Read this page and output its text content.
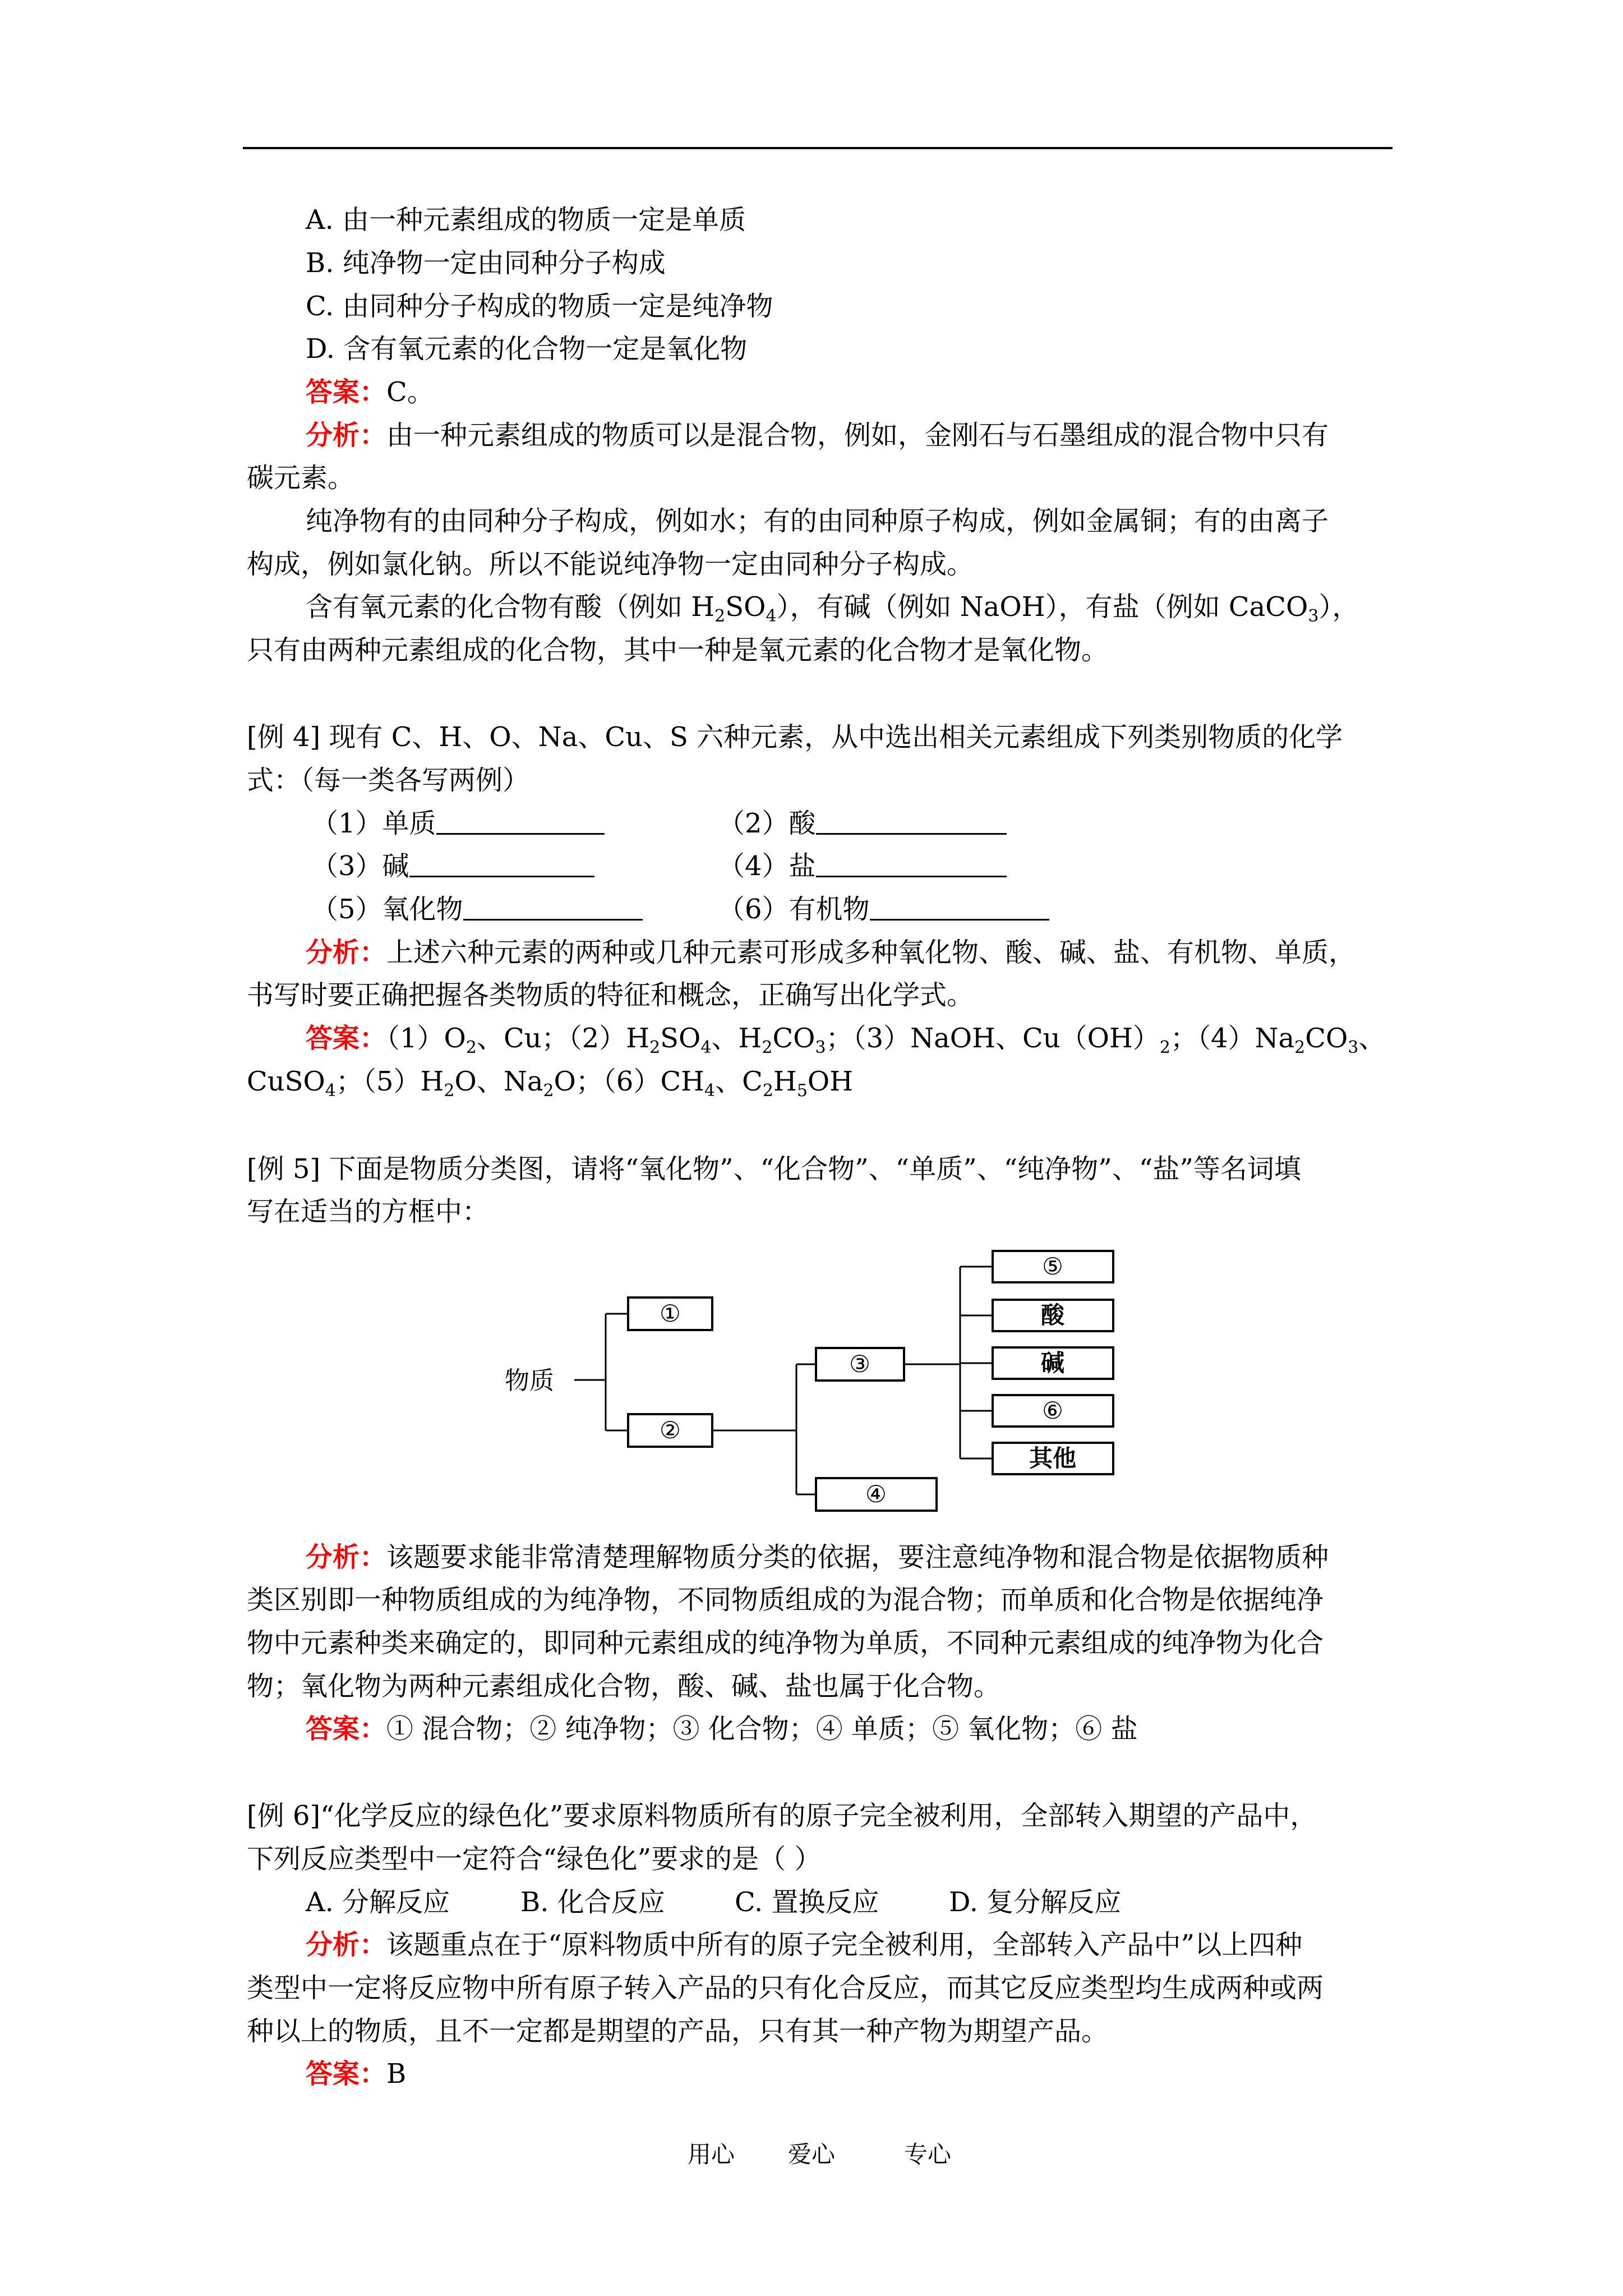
A. 由一种元素组成的物质一定是单质
B. 纯净物一定由同种分子构成
C. 由同种分子构成的物质一定是纯净物
D. 含有氧元素的化合物一定是氧化物
答案：C。
分析：由一种元素组成的物质可以是混合物，例如，金刚石与石墨组成的混合物中只有
碳元素。
纯净物有的由同种分子构成，例如水；有的由同种原子构成，例如金属铜；有的由离子
构成，例如氯化钠。所以不能说纯净物一定由同种分子构成。
含有氧元素的化合物有酸（例如 $H_2SO_4$），有碱（例如 NaOH），有盐（例如 CaCO$_3$），
只有由两种元素组成的化合物，其中一种是氧元素的化合物才是氧化物。
[例 4] 现有 C、H、O、Na、Cu、S 六种元素，从中选出相关元素组成下列类别物质的化学
式：（每一类各写两例）
（1）单质	（2）酸
（3）碱	（4）盐
（5）氧化物	（6）有机物
分析：上述六种元素的两种或几种元素可形成多种氧化物、酸、碱、盐、有机物、单质，
书写时要正确把握各类物质的特征和概念，正确写出化学式。
答案：$(1)O_2$、Cu；$(2)H_2SO_4$、$H_2CO_3$；（3）NaOH、$Cu(OH)_2$；$(4)Na_2CO_3$、
CuSO$_4$；$(5)H_2O$、$Na_2O$；$(6)CH_4$、$C_2H_5OH$
[例 5] 下面是物质分类图，请将“氧化物”、“化合物”、“单质”、“纯净物”、“盐”等名词填
写在适当的方框中：
物质
①
②
③
④
⑤
酸
碱
⑥
其他
分析：该题要求能非常清楚理解物质分类的依据，要注意纯净物和混合物是依据物质种
类区别即一种物质组成的为纯净物，不同物质组成的为混合物；而单质和化合物是依据纯净
物中元素种类来确定的，即同种元素组成的纯净物为单质，不同种元素组成的纯净物为化合
物；氧化物为两种元素组成化合物，酸、碱、盐也属于化合物。
答案：① 混合物；② 纯净物；③ 化合物；④ 单质；⑤ 氧化物；⑥ 盐
[例 6]“化学反应的绿色化”要求原料物质所有的原子完全被利用，全部转入期望的产品中，
下列反应类型中一定符合“绿色化”要求的是（ ）
A. 分解反应	B. 化合反应	C. 置换反应	D. 复分解反应
分析：该题重点在于“原料物质中所有的原子完全被利用，全部转入产品中”以上四种
类型中一定将反应物中所有原子转入产品的只有化合反应，而其它反应类型均生成两种或两
种以上的物质，且不一定都是期望的产品，只有其一种产物为期望产品。
答案：B
用心 爱心	专心
